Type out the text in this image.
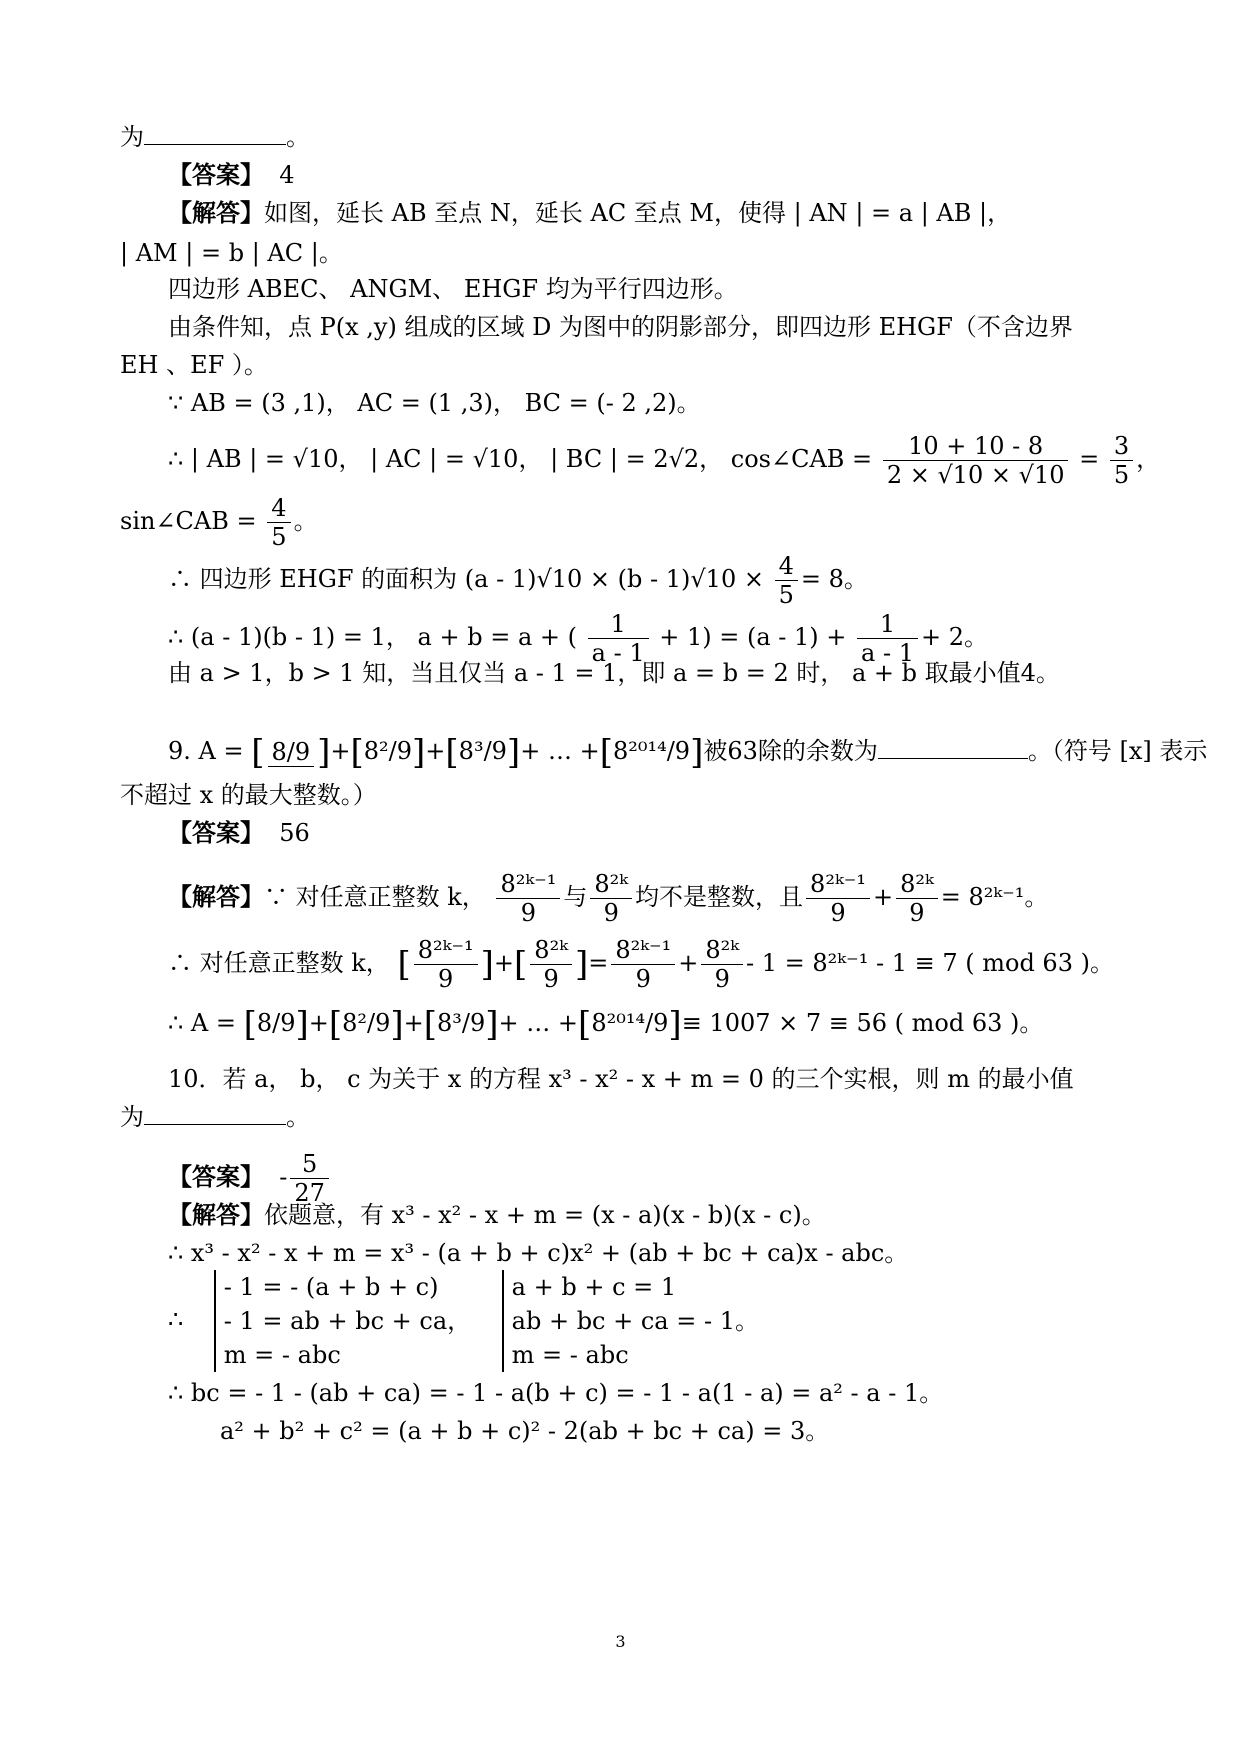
为	。
【答案】 4
【解答】如图，延长 AB 至点 N，延长 AC 至点 M，使得 | AN | = a | AB |，
| AM | = b | AC |。
四边形 ABEC、 ANGM、 EHGF 均为平行四边形。
由条件知，点 P(x ,y) 组成的区域 D 为图中的阴影部分，即四边形 EHGF（不含边界
EH 、EF ）。
∵ AB = (3 ,1)， AC = (1 ,3)， BC = (- 2 ,2)。
∴ | AB | = √10， | AC | = √10， | BC | = 2√2， cos∠CAB = $\frac{10 + 10 - 8}{2 \times √10 \times √10} = \frac{3}{5}$ ，
sin∠CAB = $\frac{4}{5}$ 。
∴ 四边形 EHGF 的面积为 $(a - 1)√10 \times (b - 1)√10 \times \frac{4}{5} = 8$。
∴ (a - 1)(b - 1) = 1， a + b = a + ( $\frac{1}{a - 1} + 1) = (a - 1) + \frac{1}{a - 1} + 2$。
由 a > 1，b > 1 知，当且仅当 a - 1 = 1，即 a = b = 2 时， a + b 取最小值4。
9. A = [ 8/9 ]+[8²/9]+[8³/9]+ … +[8²⁰¹⁴/9]被63除的余数为	。（符号 [x] 表示
不超过 x 的最大整数。）
【答案】 56
【解答】∵ 对任意正整数 k， $\frac{\text{8²ᵏ⁻¹}}{9}$ 与 $\frac{\text{8²ᵏ}}{9}$ 均不是整数，且 $\frac{\text{8²ᵏ⁻¹}}{9} + \frac{\text{8²ᵏ}}{9}$ = 8²ᵏ⁻¹。
∴ 对任意正整数 k， [ $\frac{\text{8²ᵏ⁻¹}}{9}$ ]+[ $\frac{\text{8²ᵏ}}{9}$ ]= $\frac{\text{8²ᵏ⁻¹}}{9} + \frac{\text{8²ᵏ}}{9} - 1$ = 8²ᵏ⁻¹ - 1 ≡ 7 ( mod 63 )。
∴ A = [8/9]+[8²/9]+[8³/9]+ … +[8²⁰¹⁴/9]≡ 1007 × 7 ≡ 56 ( mod 63 )。
10．若 a， b， c 为关于 x 的方程 x³ - x² - x + m = 0 的三个实根，则 m 的最小值
为	。
【答案】 - $\frac{5}{27}$
【解答】依题意，有 x³ - x² - x + m = (x - a)(x - b)(x - c)。
∴ x³ - x² - x + m = x³ - (a + b + c)x² + (ab + bc + ca)x - abc。
∴    - 1 = - (a + b + c)
- 1 = ab + bc + ca，
m = - abc    a + b + c = 1
ab + bc + ca = - 1。
m = - abc
∴ bc = - 1 - (ab + ca) = - 1 - a(b + c) = - 1 - a(1 - a) = a² - a - 1。
a² + b² + c² = (a + b + c)² - 2(ab + bc + ca) = 3。
3
